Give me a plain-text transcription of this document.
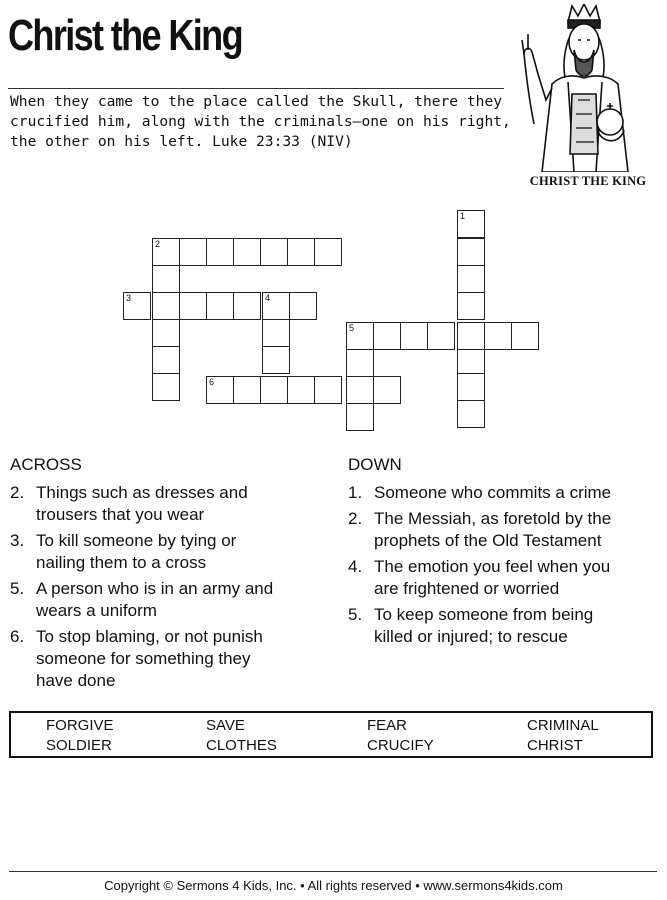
Christ the King
When they came to the place called the Skull, there they
crucified him, along with the criminals—one on his right,
the other on his left. Luke 23:33 (NIV)
CHRIST THE KING
2
3	4
1
5
6
ACROSS
2. Things such as dresses and
trousers that you wear
3. To kill someone by tying or
nailing them to a cross
5. A person who is in an army and
wears a uniform
6. To stop blaming, or not punish
someone for something they
have done
DOWN
1. Someone who commits a crime
2. The Messiah, as foretold by the
prophets of the Old Testament
4. The emotion you feel when you
are frightened or worried
5. To keep someone from being
killed or injured; to rescue
FORGIVE	SAVE	FEAR	CRIMINAL
SOLDIER	CLOTHES	CRUCIFY	CHRIST
Copyright © Sermons 4 Kids, Inc. • All rights reserved • www.sermons4kids.com
